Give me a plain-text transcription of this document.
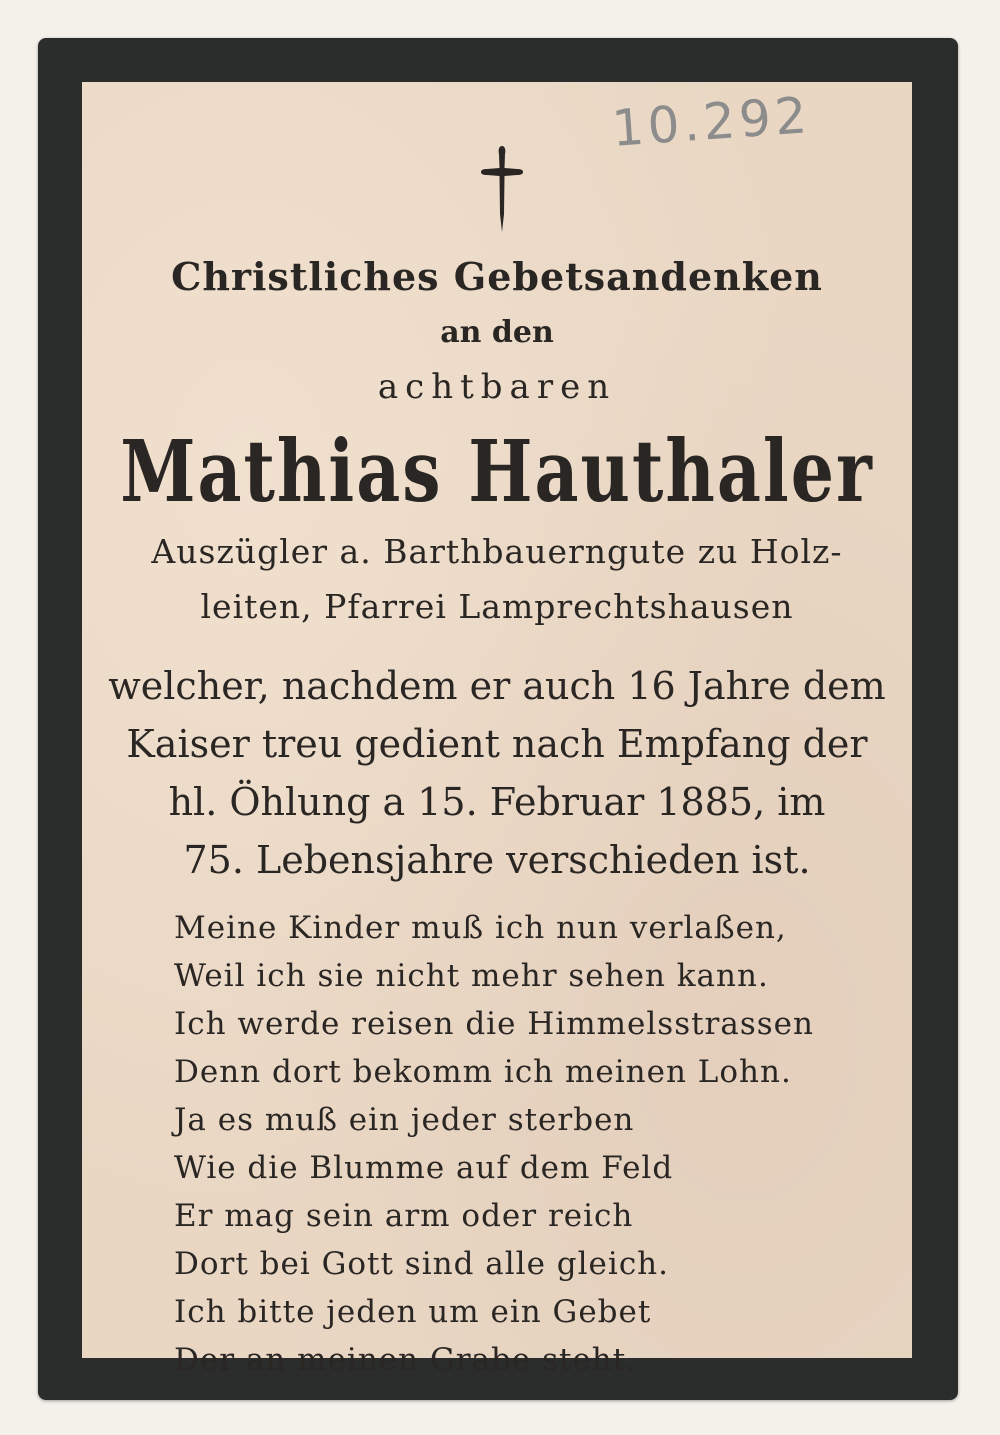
10.292
Christliches Gebetsandenken
an den
achtbaren
Mathias Hauthaler
Auszügler a. Barthbauerngute zu Holz-
leiten, Pfarrei Lamprechtshausen
welcher, nachdem er auch 16 Jahre dem
Kaiser treu gedient nach Empfang der
hl. Öhlung a 15. Februar 1885, im
75. Lebensjahre verschieden ist.
Meine Kinder muß ich nun verlaßen,
Weil ich sie nicht mehr sehen kann.
Ich werde reisen die Himmelsstrassen
Denn dort bekomm ich meinen Lohn.
Ja es muß ein jeder sterben
Wie die Blumme auf dem Feld
Er mag sein arm oder reich
Dort bei Gott sind alle gleich.
Ich bitte jeden um ein Gebet
Der an meinen Grabe steht.
